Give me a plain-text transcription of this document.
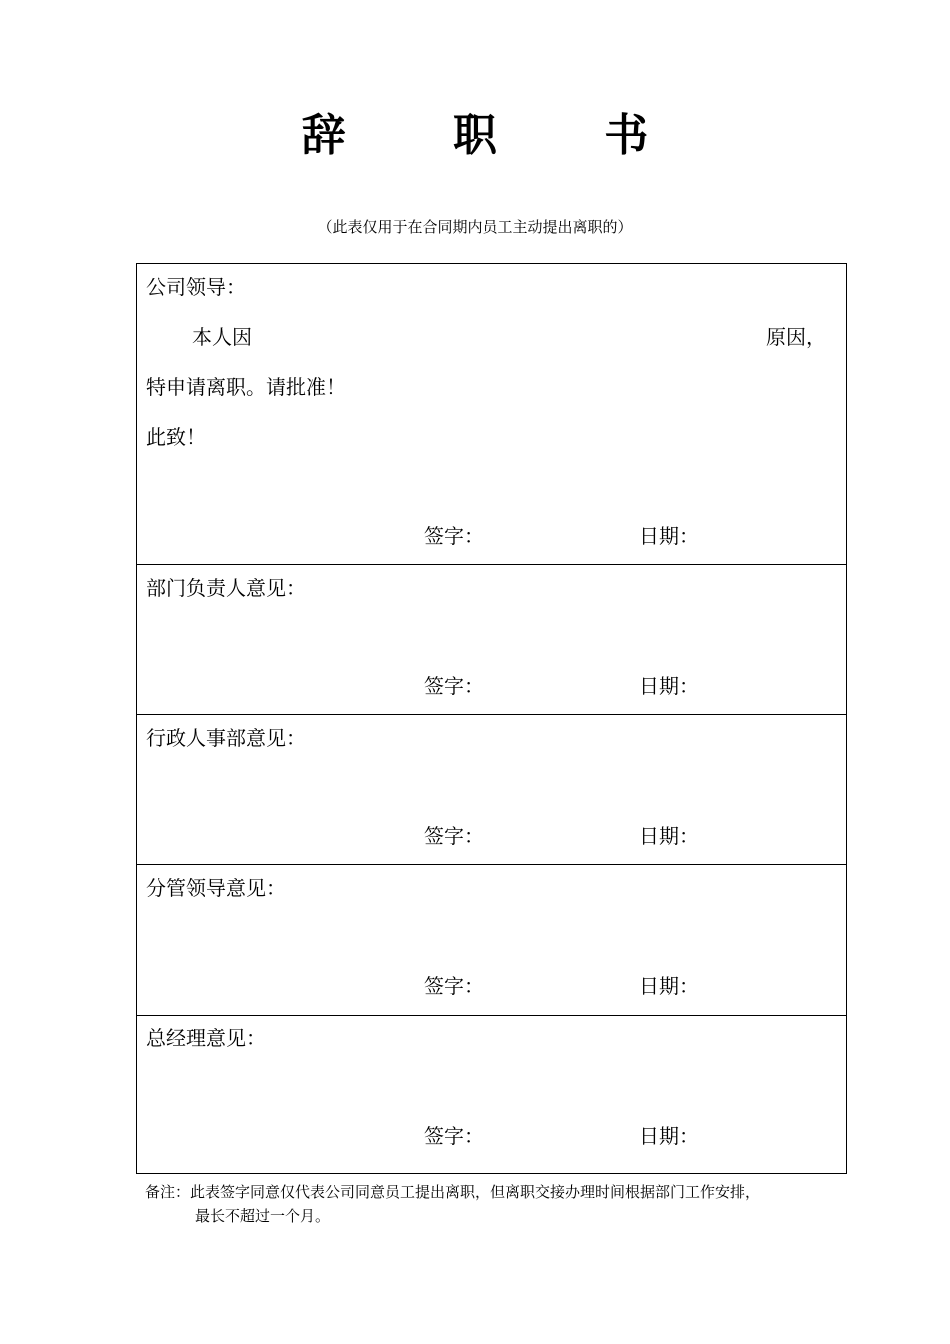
辞 职 书
（此表仅用于在合同期内员工主动提出离职的）
公司领导：
本人因	原因，
特申请离职。请批准！
此致！
签字：	日期：
部门负责人意见：
签字：	日期：
行政人事部意见：
签字：	日期：
分管领导意见：
签字：	日期：
总经理意见：
签字：	日期：
备注：此表签字同意仅代表公司同意员工提出离职，但离职交接办理时间根据部门工作安排，
最长不超过一个月。
